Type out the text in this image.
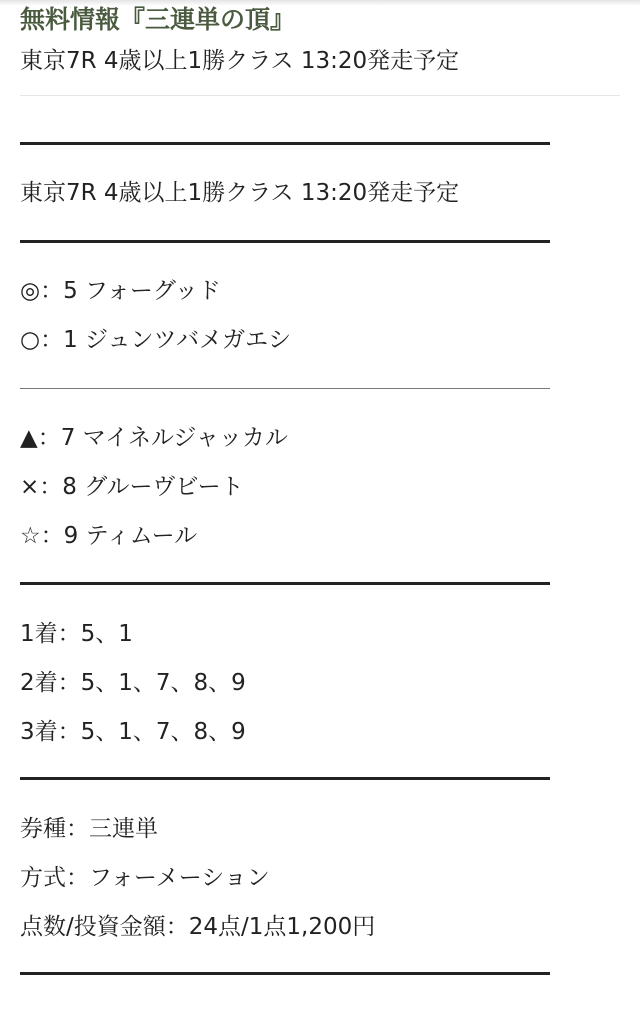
無料情報『三連単の頂』

東京7R 4歳以上1勝クラス 13:20発走予定

東京7R 4歳以上1勝クラス 13:20発走予定

◎：5 フォーグッド

○：1 ジュンツバメガエシ

▲：7 マイネルジャッカル

×：8 グルーヴビート

☆：9 ティムール

1着：5、1

2着：5、1、7、8、9

3着：5、1、7、8、9

券種：三連単

方式：フォーメーション

点数/投資金額：24点/1点1,200円
